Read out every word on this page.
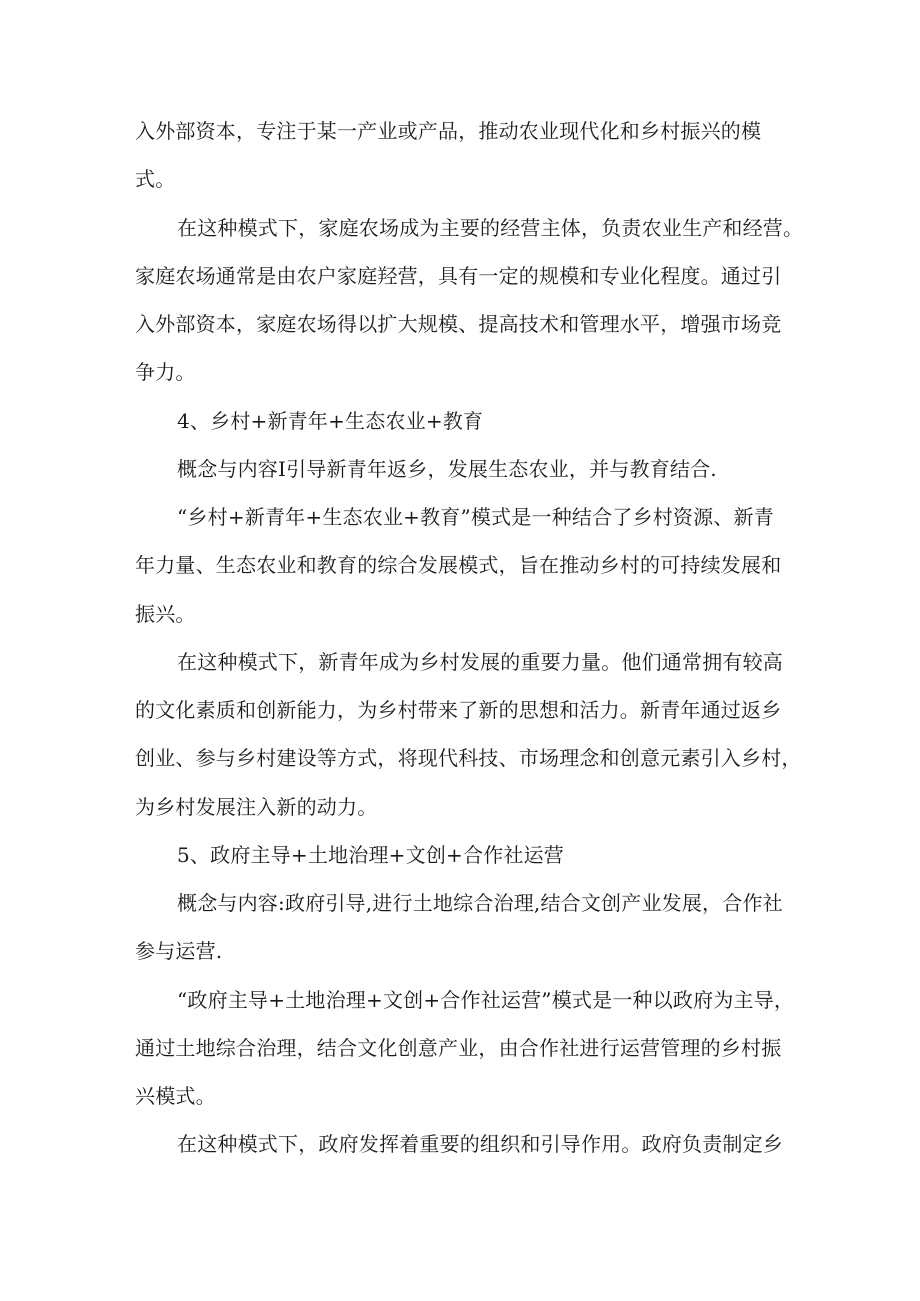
入外部资本，专注于某一产业或产品，推动农业现代化和乡村振兴的模
式。
在这种模式下，家庭农场成为主要的经营主体，负责农业生产和经营。
家庭农场通常是由农户家庭羟营，具有一定的规模和专业化程度。通过引
入外部资本，家庭农场得以扩大规模、提高技术和管理水平，增强市场竞
争力。
4、乡村+新青年+生态农业+教育
概念与内容I引导新青年返乡，发展生态农业，并与教育结合.
“乡村+新青年+生态农业+教育”模式是一种结合了乡村资源、新青
年力量、生态农业和教育的综合发展模式，旨在推动乡村的可持续发展和
振兴。
在这种模式下，新青年成为乡村发展的重要力量。他们通常拥有较高
的文化素质和创新能力，为乡村带来了新的思想和活力。新青年通过返乡
创业、参与乡村建设等方式，将现代科技、市场理念和创意元素引入乡村，
为乡村发展注入新的动力。
5、政府主导+土地治理+文创+合作社运营
概念与内容:政府引导,进行土地综合治理,结合文创产业发展，合作社
参与运营.
“政府主导+土地治理+文创+合作社运营”模式是一种以政府为主导，
通过土地综合治理，结合文化创意产业，由合作社进行运营管理的乡村振
兴模式。
在这种模式下，政府发挥着重要的组织和引导作用。政府负责制定乡
